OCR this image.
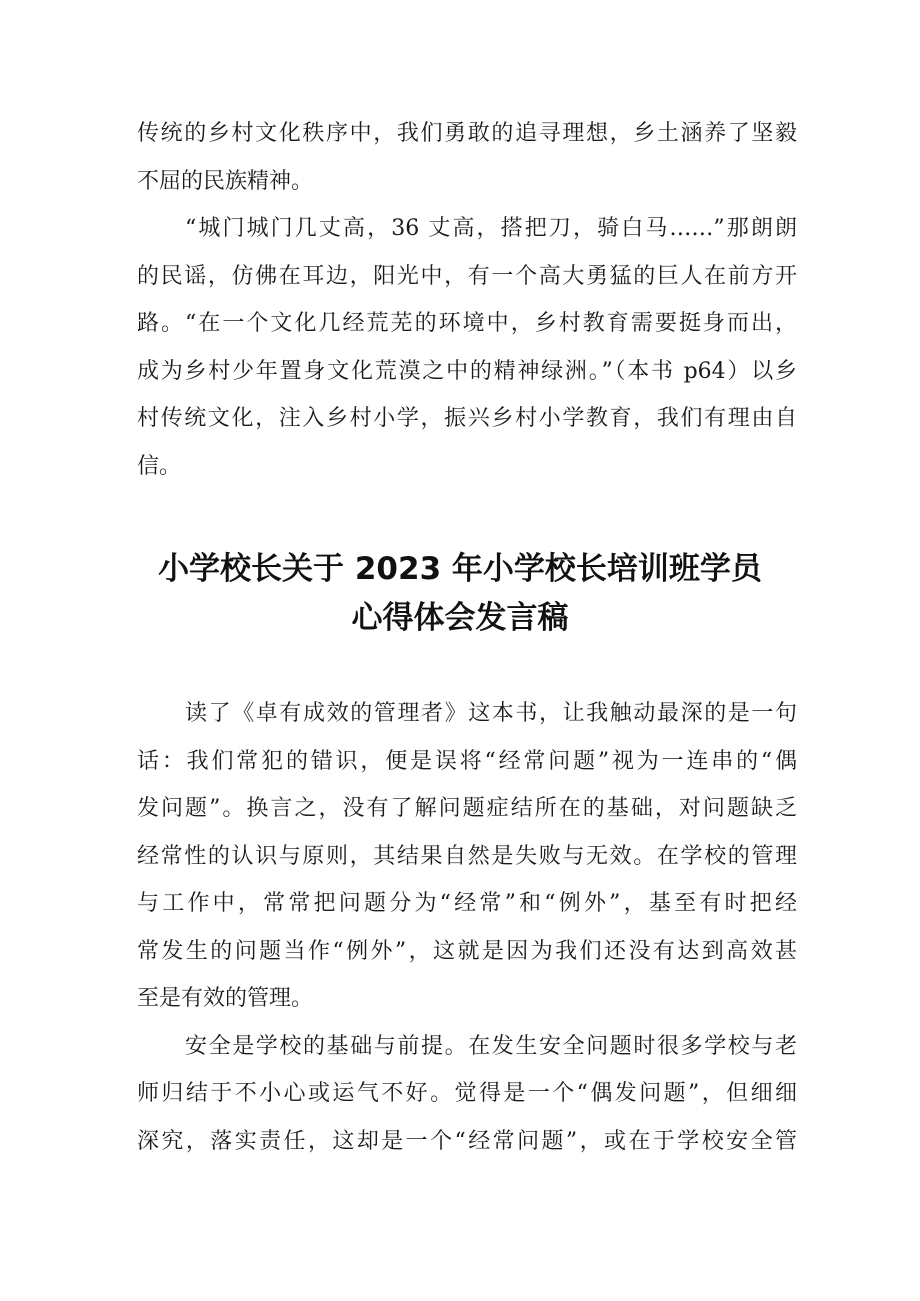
传统的乡村文化秩序中，我们勇敢的追寻理想，乡土涵养了坚毅
不屈的民族精神。
“城门城门几丈高，36 丈高，搭把刀，骑白马……”那朗朗
的民谣，仿佛在耳边，阳光中，有一个高大勇猛的巨人在前方开
路。“在一个文化几经荒芜的环境中，乡村教育需要挺身而出，
成为乡村少年置身文化荒漠之中的精神绿洲。”（本书 p64）以乡
村传统文化，注入乡村小学，振兴乡村小学教育，我们有理由自
信。
小学校长关于 2023 年小学校长培训班学员
心得体会发言稿
读了《卓有成效的管理者》这本书，让我触动最深的是一句
话：我们常犯的错识，便是误将“经常问题”视为一连串的“偶
发问题”。换言之，没有了解问题症结所在的基础，对问题缺乏
经常性的认识与原则，其结果自然是失败与无效。在学校的管理
与工作中，常常把问题分为“经常”和“例外”，基至有时把经
常发生的问题当作“例外”，这就是因为我们还没有达到高效甚
至是有效的管理。
安全是学校的基础与前提。在发生安全问题时很多学校与老
师归结于不小心或运气不好。觉得是一个“偶发问题”，但细细
深究，落实责任，这却是一个“经常问题”，或在于学校安全管
